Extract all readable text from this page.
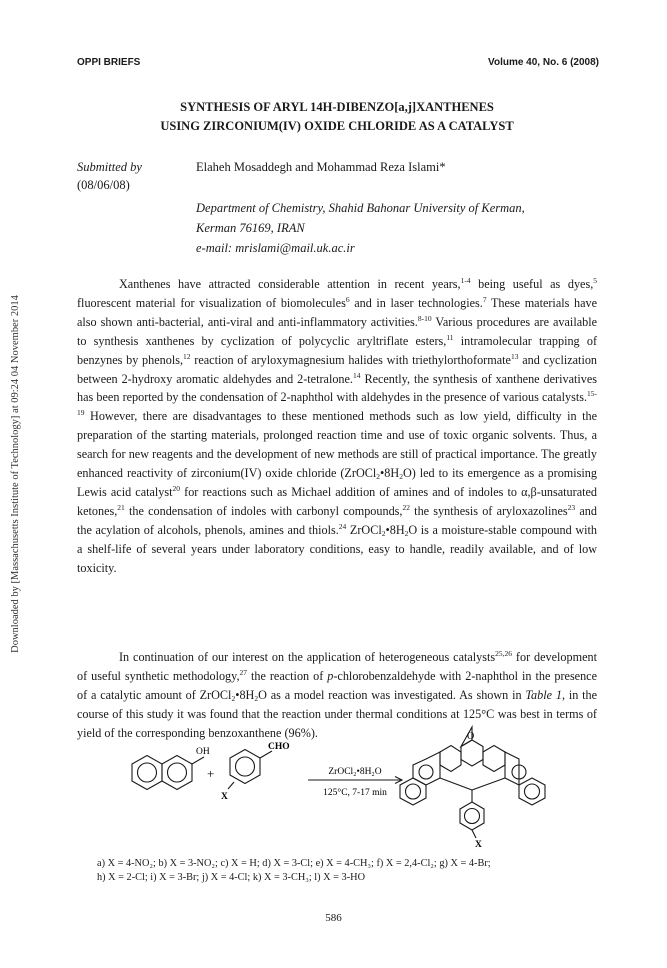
Downloaded by [Massachusetts Institute of Technology] at 09:24 04 November 2014
OPPI BRIEFS	Volume 40, No. 6 (2008)
SYNTHESIS OF ARYL 14H-DIBENZO[a,j]XANTHENES
USING ZIRCONIUM(IV) OXIDE CHLORIDE AS A CATALYST
Submitted by
(08/06/08)
Elaheh Mosaddegh and Mohammad Reza Islami*
Department of Chemistry, Shahid Bahonar University of Kerman,
Kerman 76169, IRAN
e-mail: mrislami@mail.uk.ac.ir
Xanthenes have attracted considerable attention in recent years,$^{1-4}$ being useful as dyes,$^5$ fluorescent material for visualization of biomolecules$^6$ and in laser technologies.$^7$ These materials have also shown anti-bacterial, anti-viral and anti-inflammatory activities.$^{8-10}$ Various procedures are available to synthesis xanthenes by cyclization of polycyclic aryltriflate esters,$^{11}$ intramolecular trapping of benzynes by phenols,$^{12}$ reaction of aryloxymagnesium halides with triethylorthoformate$^{13}$ and cyclization between 2-hydroxy aromatic aldehydes and 2-tetralone.$^{14}$ Recently, the synthesis of xanthene derivatives has been reported by the condensation of 2-naphthol with aldehydes in the presence of various catalysts.$^{15-19}$ However, there are disadvantages to these mentioned methods such as low yield, difficulty in the preparation of the starting materials, prolonged reaction time and use of toxic organic solvents. Thus, a search for new reagents and the development of new methods are still of practical importance. The greatly enhanced reactivity of zirconium(IV) oxide chloride $(ZrOCl_2•8H_2O)$ led to its emergence as a promising Lewis acid catalyst$^{20}$ for reactions such as Michael addition of amines and of indoles to α,β-unsaturated ketones,$^{21}$ the condensation of indoles with carbonyl compounds,$^{22}$ the synthesis of aryloxazolines$^{23}$ and the acylation of alcohols, phenols, amines and thiols.$^{24}$ $ZrOCl_2•8H_2O$ is a moisture-stable compound with a shelf-life of several years under laboratory conditions, easy to handle, readily available, and of low toxicity.
In continuation of our interest on the application of heterogeneous catalysts$^{25,26}$ for development of useful synthetic methodology,$^{27}$ the reaction of p-chlorobenzaldehyde with 2-naphthol in the presence of a catalytic amount of $ZrOCl_2•8H_2O$ as a model reaction was investigated. As shown in Table 1, in the course of this study it was found that the reaction under thermal conditions at 125°C was best in terms of yield of the corresponding benzoxanthene (96%).
OH
+
CHO
X
ZrOCl₂•8H₂O
125°C, 7-17 min
O
X
a) X = 4-NO₂; b) X = 3-NO₂; c) X = H; d) X = 3-Cl; e) X = 4-CH₃; f) X = 2,4-Cl₂; g) X = 4-Br;
h) X = 2-Cl; i) X = 3-Br; j) X = 4-Cl; k) X = 3-CH₃; l) X = 3-HO
586
